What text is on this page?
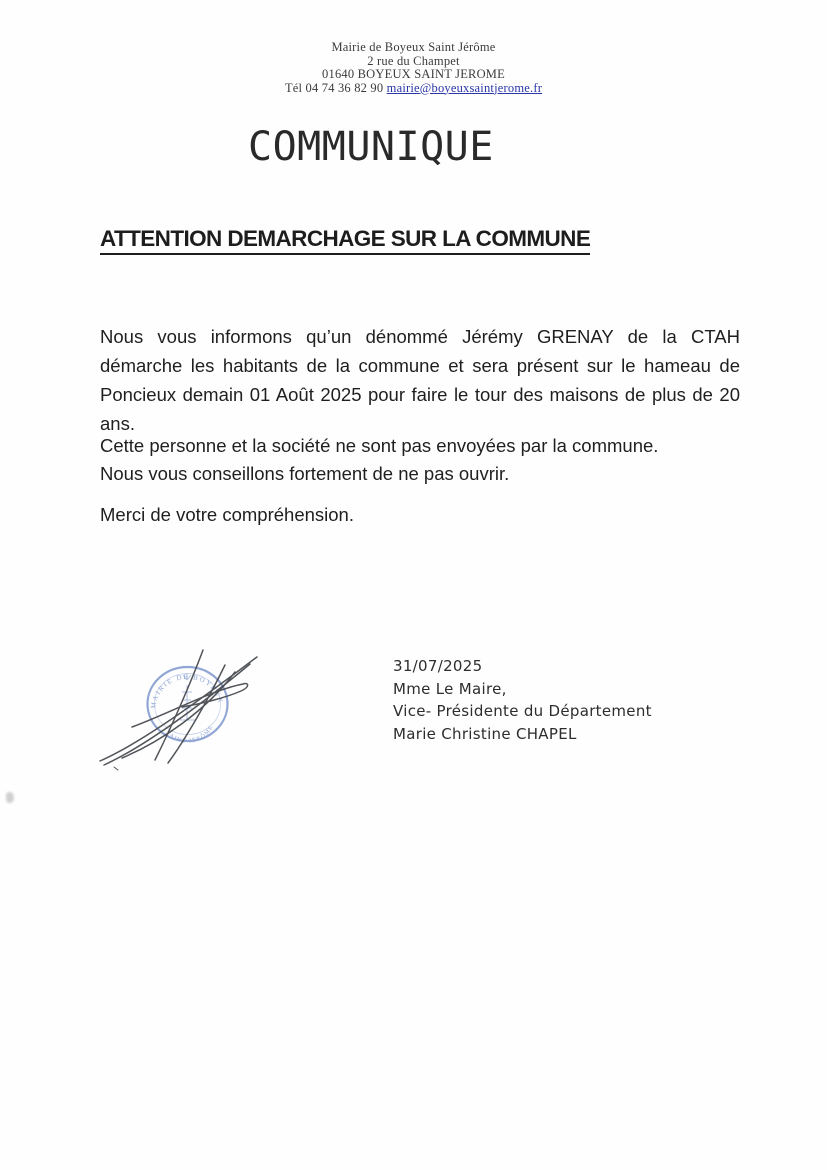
Mairie de Boyeux Saint Jérôme
2 rue du Champet
01640 BOYEUX SAINT JEROME
Tél 04 74 36 82 90 mairie@boyeuxsaintjerome.fr
COMMUNIQUE
ATTENTION DEMARCHAGE SUR LA COMMUNE
Nous vous informons qu’un dénommé Jérémy GRENAY de la CTAH
démarche les habitants de la commune et sera présent sur le hameau de
Poncieux demain 01 Août 2025 pour faire le tour des maisons de plus de 20
ans.
Cette personne et la société ne sont pas envoyées par la commune.
Nous vous conseillons fortement de ne pas ouvrir.
Merci de votre compréhension.
MAIRIE DE BOYEUX
SAINT JÉRÔME
31/07/2025
Mme Le Maire,
Vice- Présidente du Département
Marie Christine CHAPEL
